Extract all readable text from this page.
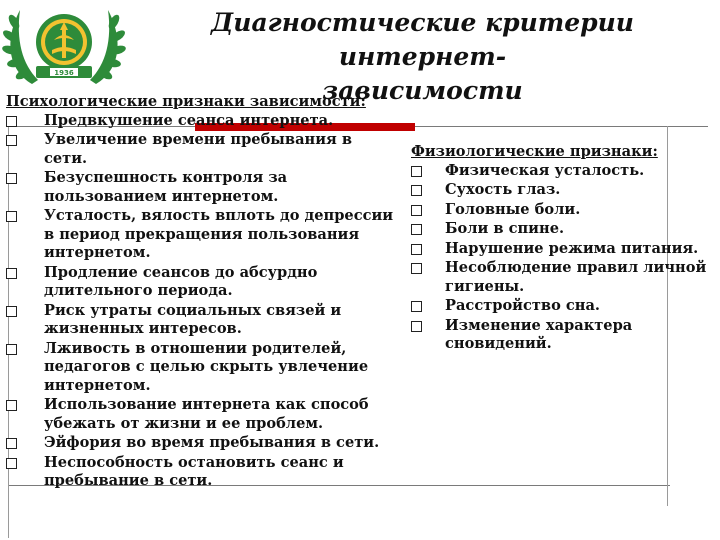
1936
Диагностические критерии интернет-
зависимости

Психологические признаки зависимости:

Предвкушение сеанса интернета.
Увеличение времени пребывания в сети.
Безуспешность контроля за пользованием интернетом.
Усталость, вялость вплоть до депрессии в период прекращения пользования интернетом.
Продление сеансов до абсурдно длительного периода.
Риск утраты социальных связей и жизненных интересов.
Лживость в отношении родителей, педагогов с целью скрыть увлечение интернетом.
Использование интернета как способ убежать от жизни и ее проблем.
Эйфория во время пребывания в сети.
Неспособность остановить сеанс и пребывание в сети.

Физиологические признаки:

Физическая усталость.
Сухость глаз.
Головные боли.
Боли в спине.
Нарушение режима питания.
Несоблюдение правил личной гигиены.
Расстройство сна.
Изменение характера сновидений.
